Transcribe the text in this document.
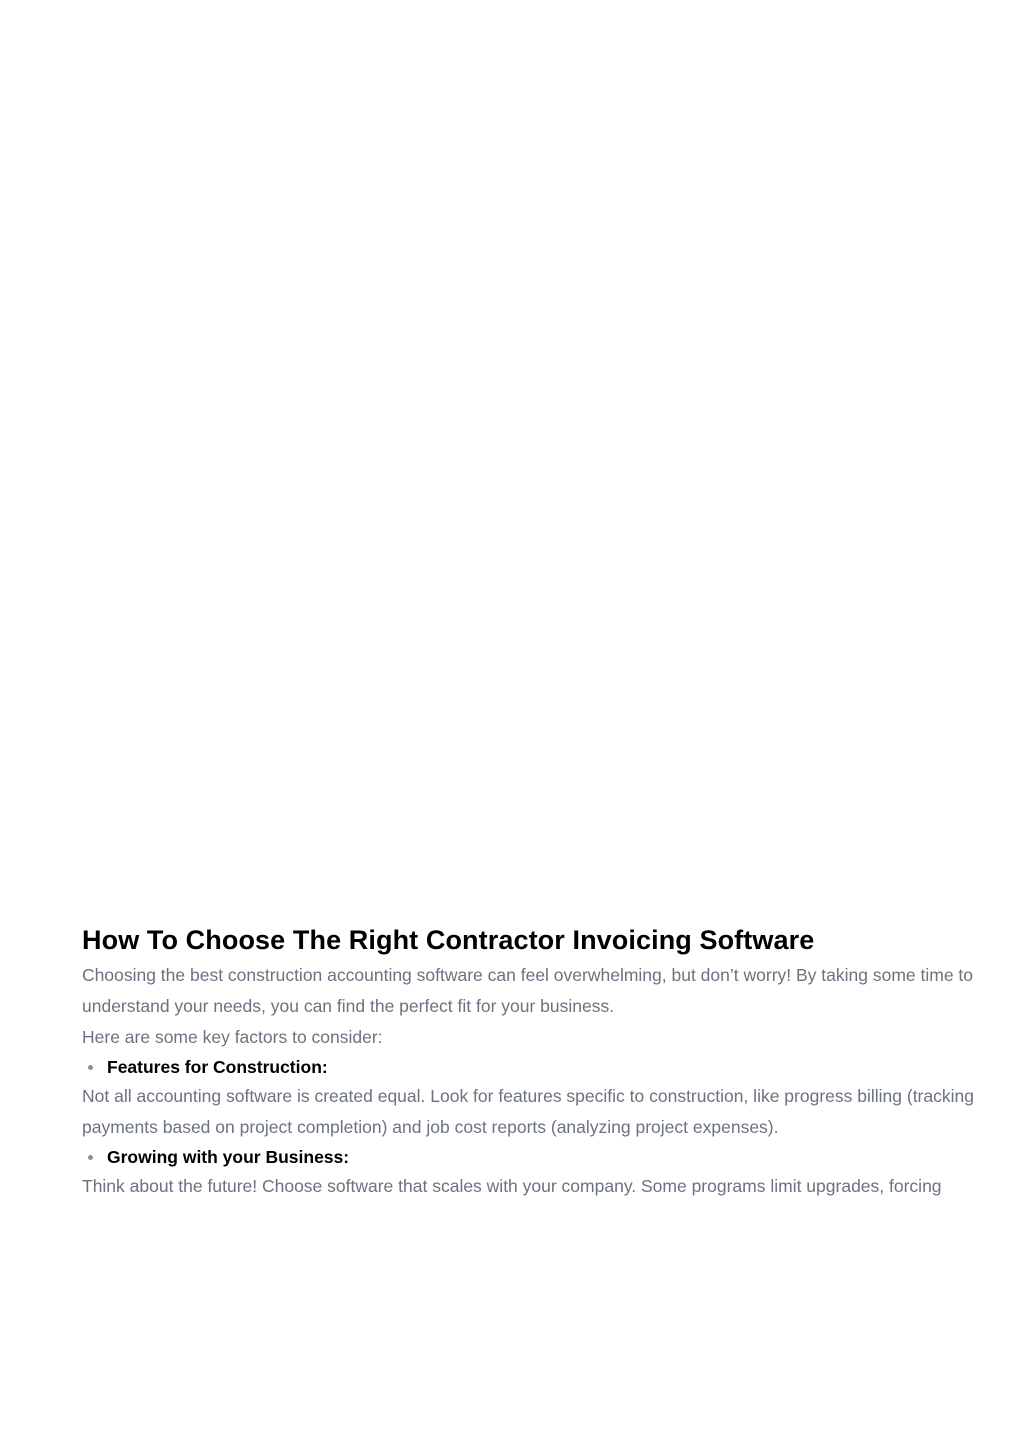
How To Choose The Right Contractor Invoicing Software

Choosing the best construction accounting software can feel overwhelming, but don’t worry! By taking some time to understand your needs, you can find the perfect fit for your business.

Here are some key factors to consider:

Features for Construction:

Not all accounting software is created equal. Look for features specific to construction, like progress billing (tracking payments based on project completion) and job cost reports (analyzing project expenses).

Growing with your Business:

Think about the future! Choose software that scales with your company. Some programs limit upgrades, forcing
